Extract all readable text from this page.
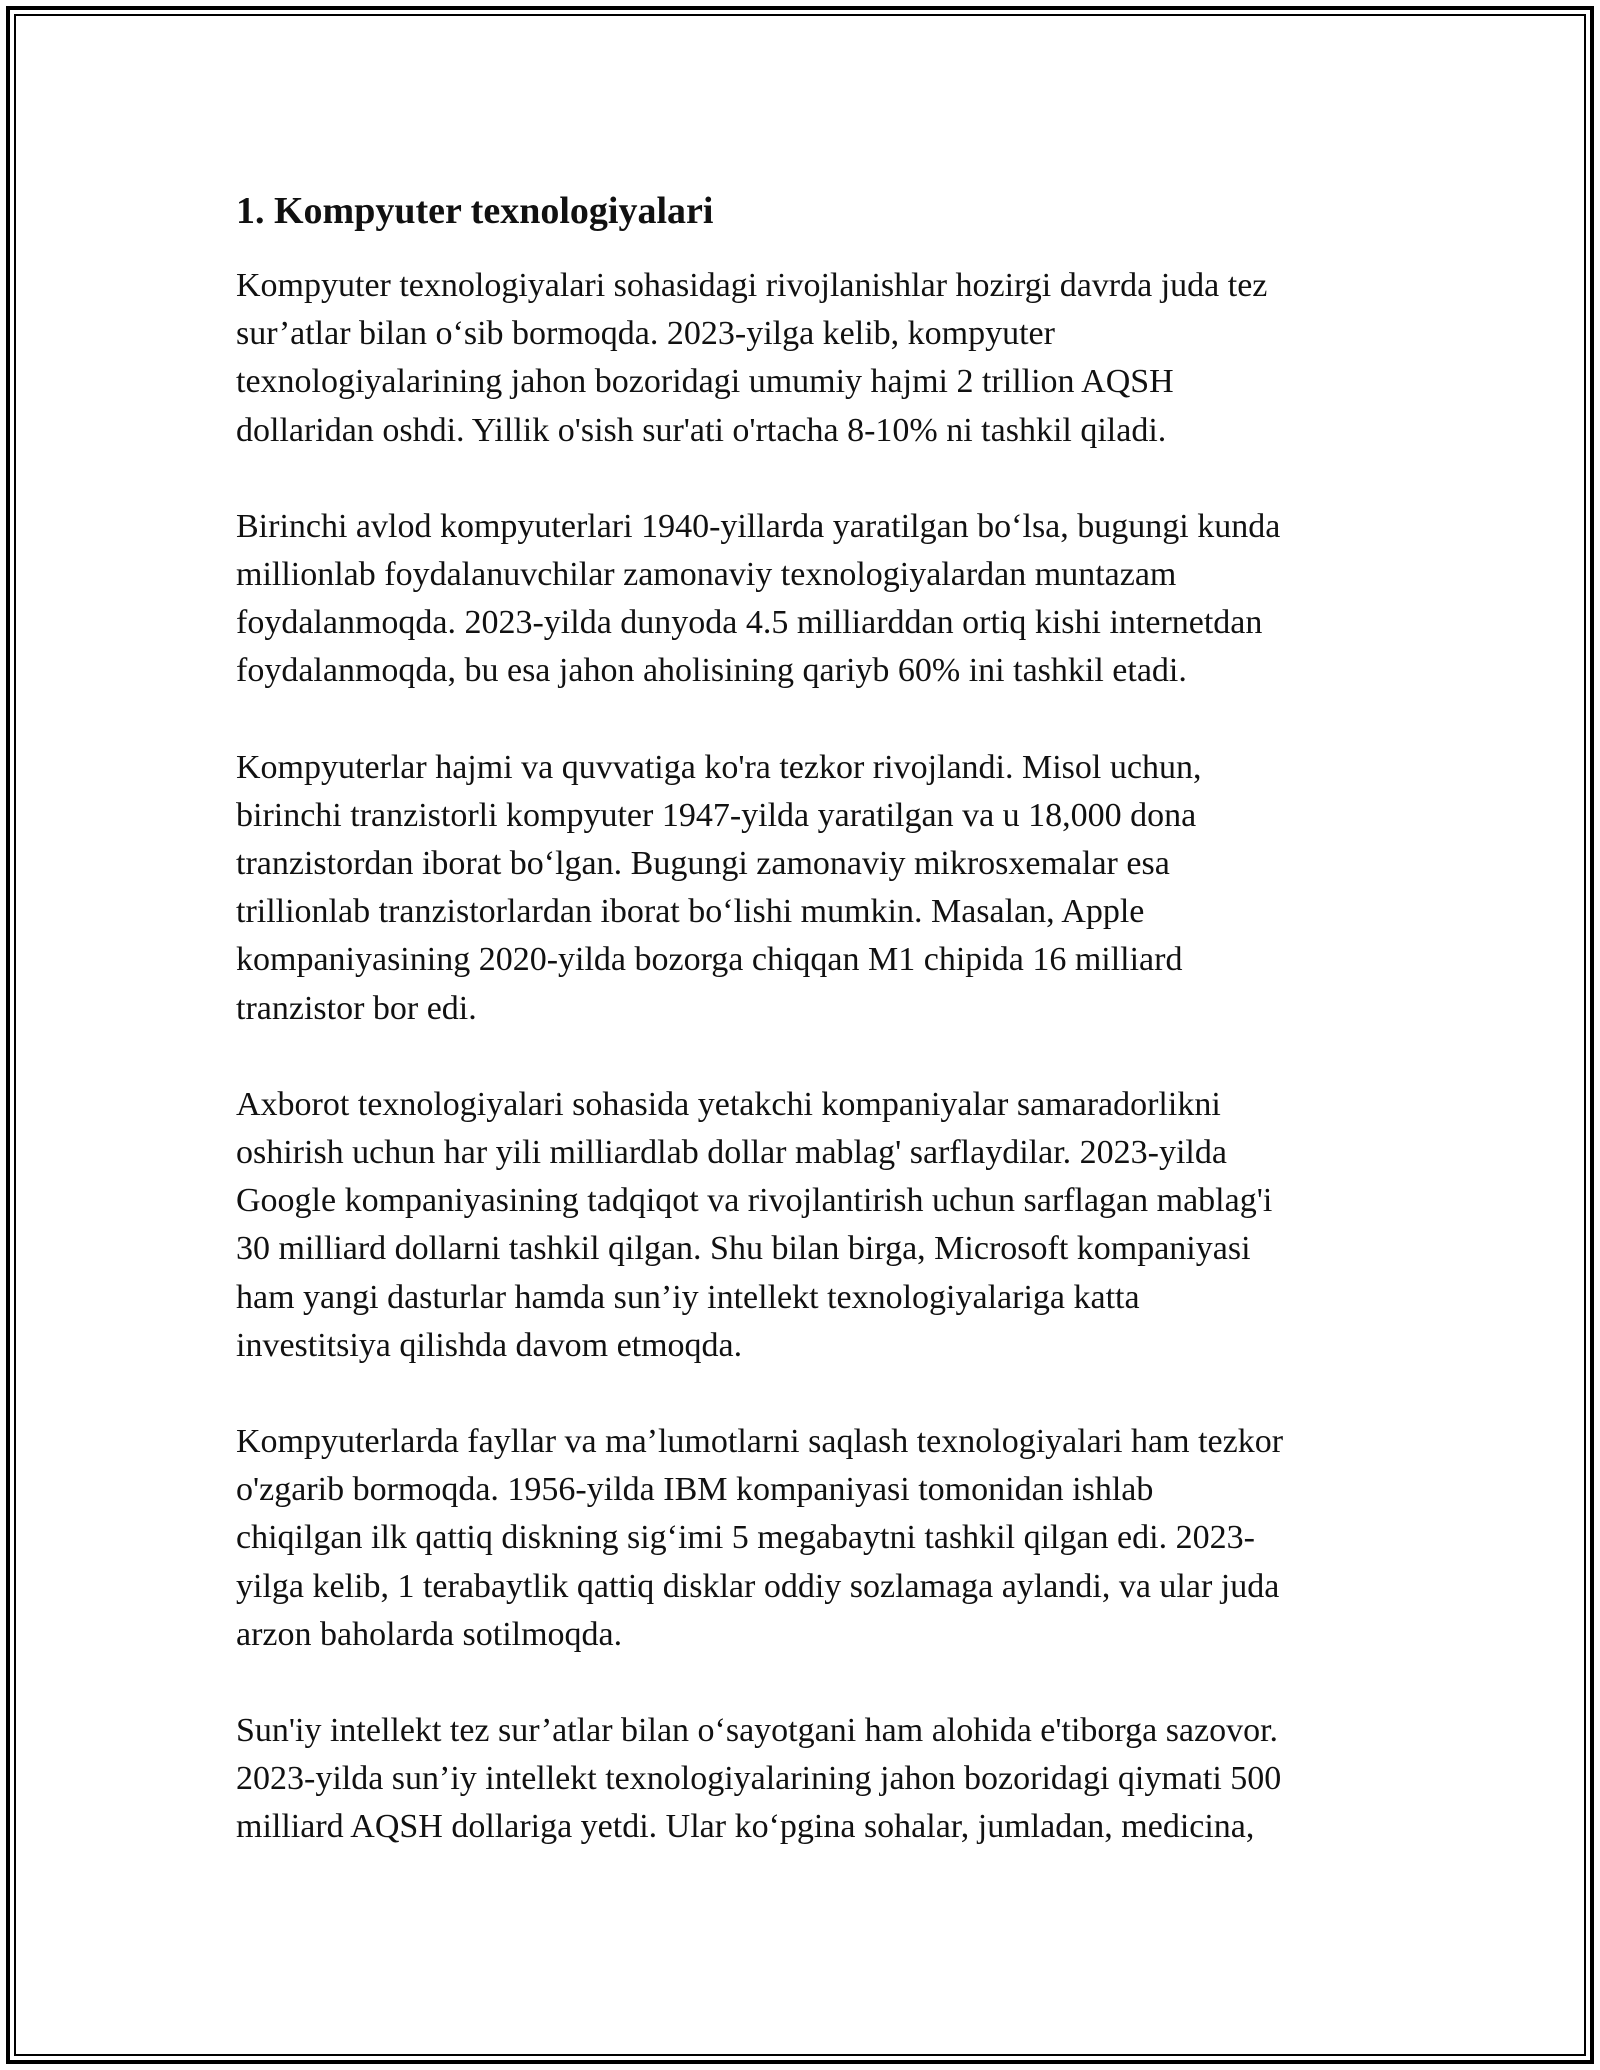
1. Kompyuter texnologiyalari

Kompyuter texnologiyalari sohasidagi rivojlanishlar hozirgi davrda juda tez
sur’atlar bilan o‘sib bormoqda. 2023-yilga kelib, kompyuter
texnologiyalarining jahon bozoridagi umumiy hajmi 2 trillion AQSH
dollaridan oshdi. Yillik o'sish sur'ati o'rtacha 8-10% ni tashkil qiladi.

Birinchi avlod kompyuterlari 1940-yillarda yaratilgan bo‘lsa, bugungi kunda
millionlab foydalanuvchilar zamonaviy texnologiyalardan muntazam
foydalanmoqda. 2023-yilda dunyoda 4.5 milliarddan ortiq kishi internetdan
foydalanmoqda, bu esa jahon aholisining qariyb 60% ini tashkil etadi.

Kompyuterlar hajmi va quvvatiga ko'ra tezkor rivojlandi. Misol uchun,
birinchi tranzistorli kompyuter 1947-yilda yaratilgan va u 18,000 dona
tranzistordan iborat bo‘lgan. Bugungi zamonaviy mikrosxemalar esa
trillionlab tranzistorlardan iborat bo‘lishi mumkin. Masalan, Apple
kompaniyasining 2020-yilda bozorga chiqqan M1 chipida 16 milliard
tranzistor bor edi.

Axborot texnologiyalari sohasida yetakchi kompaniyalar samaradorlikni
oshirish uchun har yili milliardlab dollar mablag' sarflaydilar. 2023-yilda
Google kompaniyasining tadqiqot va rivojlantirish uchun sarflagan mablag'i
30 milliard dollarni tashkil qilgan. Shu bilan birga, Microsoft kompaniyasi
ham yangi dasturlar hamda sun’iy intellekt texnologiyalariga katta
investitsiya qilishda davom etmoqda.

Kompyuterlarda fayllar va ma’lumotlarni saqlash texnologiyalari ham tezkor
o'zgarib bormoqda. 1956-yilda IBM kompaniyasi tomonidan ishlab
chiqilgan ilk qattiq diskning sig‘imi 5 megabaytni tashkil qilgan edi. 2023-
yilga kelib, 1 terabaytlik qattiq disklar oddiy sozlamaga aylandi, va ular juda
arzon baholarda sotilmoqda.

Sun'iy intellekt tez sur’atlar bilan o‘sayotgani ham alohida e'tiborga sazovor.
2023-yilda sun’iy intellekt texnologiyalarining jahon bozoridagi qiymati 500
milliard AQSH dollariga yetdi. Ular ko‘pgina sohalar, jumladan, medicina,
